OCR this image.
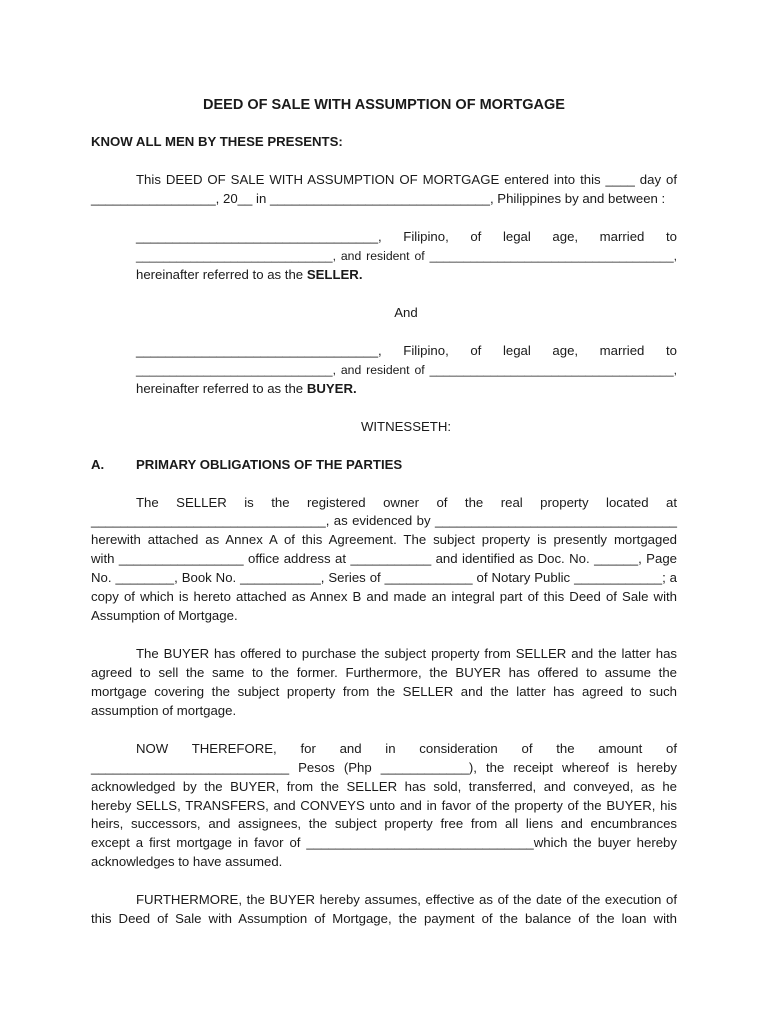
DEED OF SALE WITH ASSUMPTION OF MORTGAGE
KNOW ALL MEN BY THESE PRESENTS:
This DEED OF SALE WITH ASSUMPTION OF MORTGAGE entered into this ____ day of
_________________, 20__ in ______________________________, Philippines by and between :
_________________________________, Filipino, of legal age, married to
_____________________________, and resident of ____________________________________,
hereinafter referred to as the SELLER.
And
_________________________________, Filipino, of legal age, married to
_____________________________, and resident of ____________________________________,
hereinafter referred to as the BUYER.
WITNESSETH:
A. PRIMARY OBLIGATIONS OF THE PARTIES
The SELLER is the registered owner of the real property located at
________________________________, as evidenced by _________________________________
herewith attached as Annex A of this Agreement. The subject property is presently mortgaged
with _________________ office address at ___________ and identified as Doc. No. ______, Page
No. ________, Book No. ___________, Series of ____________ of Notary Public ____________; a
copy of which is hereto attached as Annex B and made an integral part of this Deed of Sale with
Assumption of Mortgage.
The BUYER has offered to purchase the subject property from SELLER and the latter has
agreed to sell the same to the former. Furthermore, the BUYER has offered to assume the
mortgage covering the subject property from the SELLER and the latter has agreed to such
assumption of mortgage.
NOW THEREFORE, for and in consideration of the amount of
___________________________ Pesos (Php ____________), the receipt whereof is hereby
acknowledged by the BUYER, from the SELLER has sold, transferred, and conveyed, as he
hereby SELLS, TRANSFERS, and CONVEYS unto and in favor of the property of the BUYER, his
heirs, successors, and assignees, the subject property free from all liens and encumbrances
except a first mortgage in favor of _______________________________which the buyer hereby
acknowledges to have assumed.
FURTHERMORE, the BUYER hereby assumes, effective as of the date of the execution of
this Deed of Sale with Assumption of Mortgage, the payment of the balance of the loan with
